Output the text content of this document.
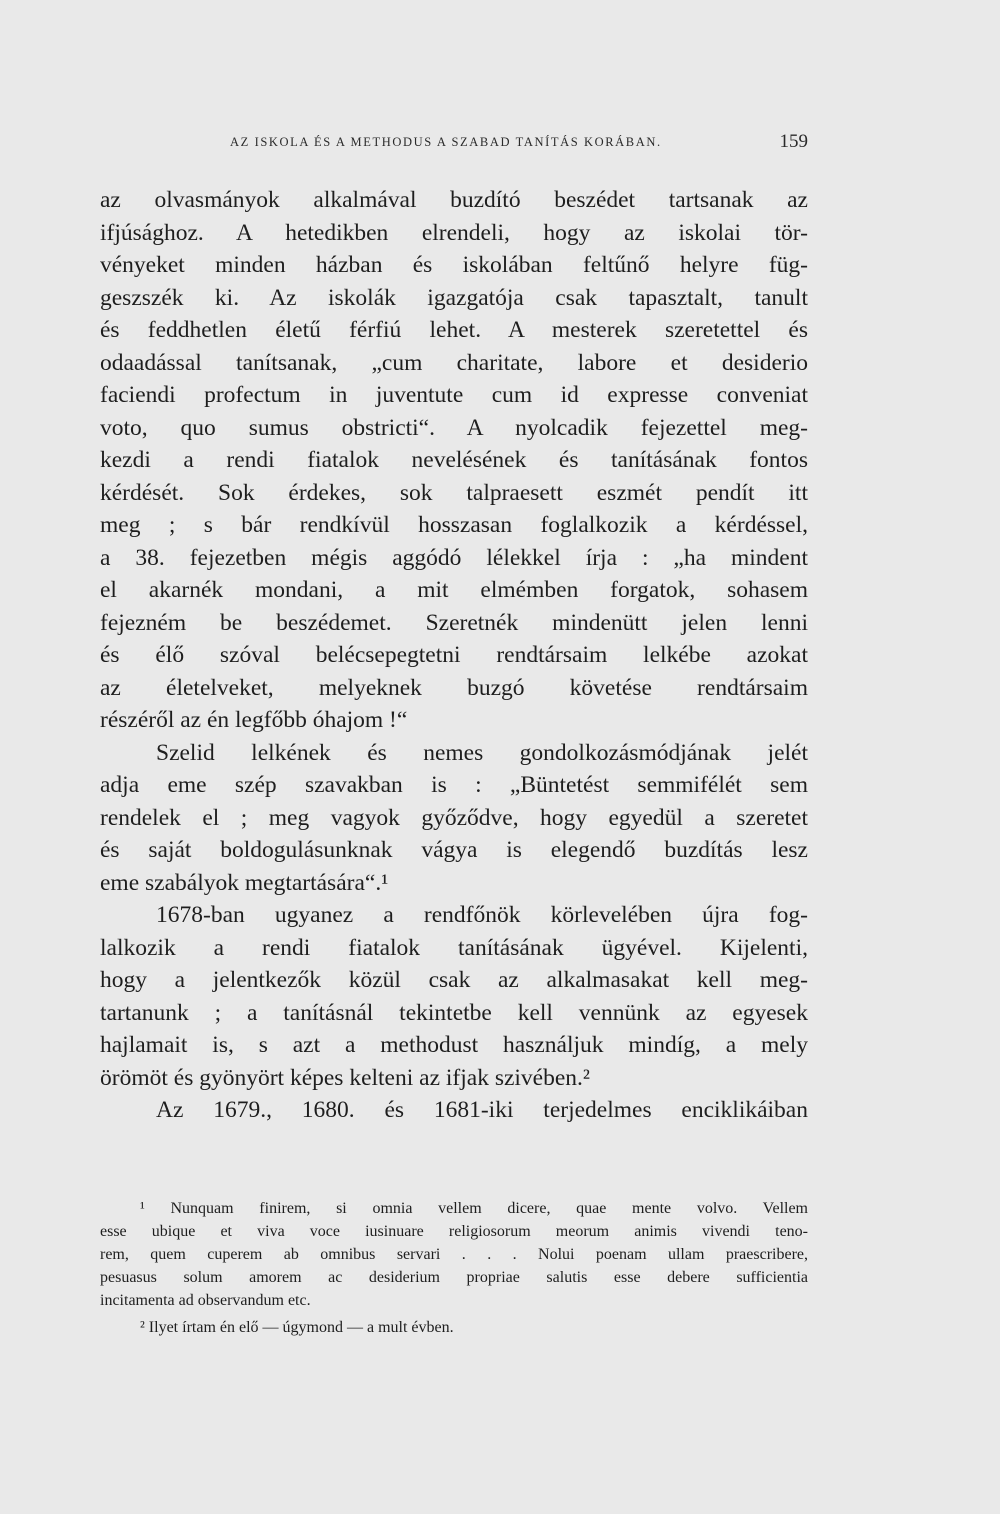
AZ ISKOLA ÉS A METHODUS A SZABAD TANÍTÁS KORÁBAN.	159
az olvasmányok alkalmával buzdító beszédet tartsanak az
ifjúsághoz. A hetedikben elrendeli, hogy az iskolai tör-
vényeket minden házban és iskolában feltűnő helyre füg-
geszszék ki. Az iskolák igazgatója csak tapasztalt, tanult
és feddhetlen életű férfiú lehet. A mesterek szeretettel és
odaadással tanítsanak, „cum charitate, labore et desiderio
faciendi profectum in juventute cum id expresse conveniat
voto, quo sumus obstricti“. A nyolcadik fejezettel meg-
kezdi a rendi fiatalok nevelésének és tanításának fontos
kérdését. Sok érdekes, sok talpraesett eszmét pendít itt
meg ; s bár rendkívül hosszasan foglalkozik a kérdéssel,
a 38. fejezetben mégis aggódó lélekkel írja : „ha mindent
el akarnék mondani, a mit elmémben forgatok, sohasem
fejezném be beszédemet. Szeretnék mindenütt jelen lenni
és élő szóval belécsepegtetni rendtársaim lelkébe azokat
az életelveket, melyeknek buzgó követése rendtársaim
részéről az én legfőbb óhajom !“
Szelid lelkének és nemes gondolkozásmódjának jelét
adja eme szép szavakban is : „Büntetést semmifélét sem
rendelek el ; meg vagyok győződve, hogy egyedül a szeretet
és saját boldogulásunknak vágya is elegendő buzdítás lesz
eme szabályok megtartására“.¹
1678-ban ugyanez a rendfőnök körlevelében újra fog-
lalkozik a rendi fiatalok tanításának ügyével. Kijelenti,
hogy a jelentkezők közül csak az alkalmasakat kell meg-
tartanunk ; a tanításnál tekintetbe kell vennünk az egyesek
hajlamait is, s azt a methodust használjuk mindíg, a mely
örömöt és gyönyört képes kelteni az ifjak szivében.²
Az 1679., 1680. és 1681-iki terjedelmes enciklikáiban
¹ Nunquam finirem, si omnia vellem dicere, quae mente volvo. Vellem
esse ubique et viva voce iusinuare religiosorum meorum animis vivendi teno-
rem, quem cuperem ab omnibus servari . . . Nolui poenam ullam praescribere,
pesuasus solum amorem ac desiderium propriae salutis esse debere sufficientia
incitamenta ad observandum etc.
² Ilyet írtam én elő — úgymond — a mult évben.
